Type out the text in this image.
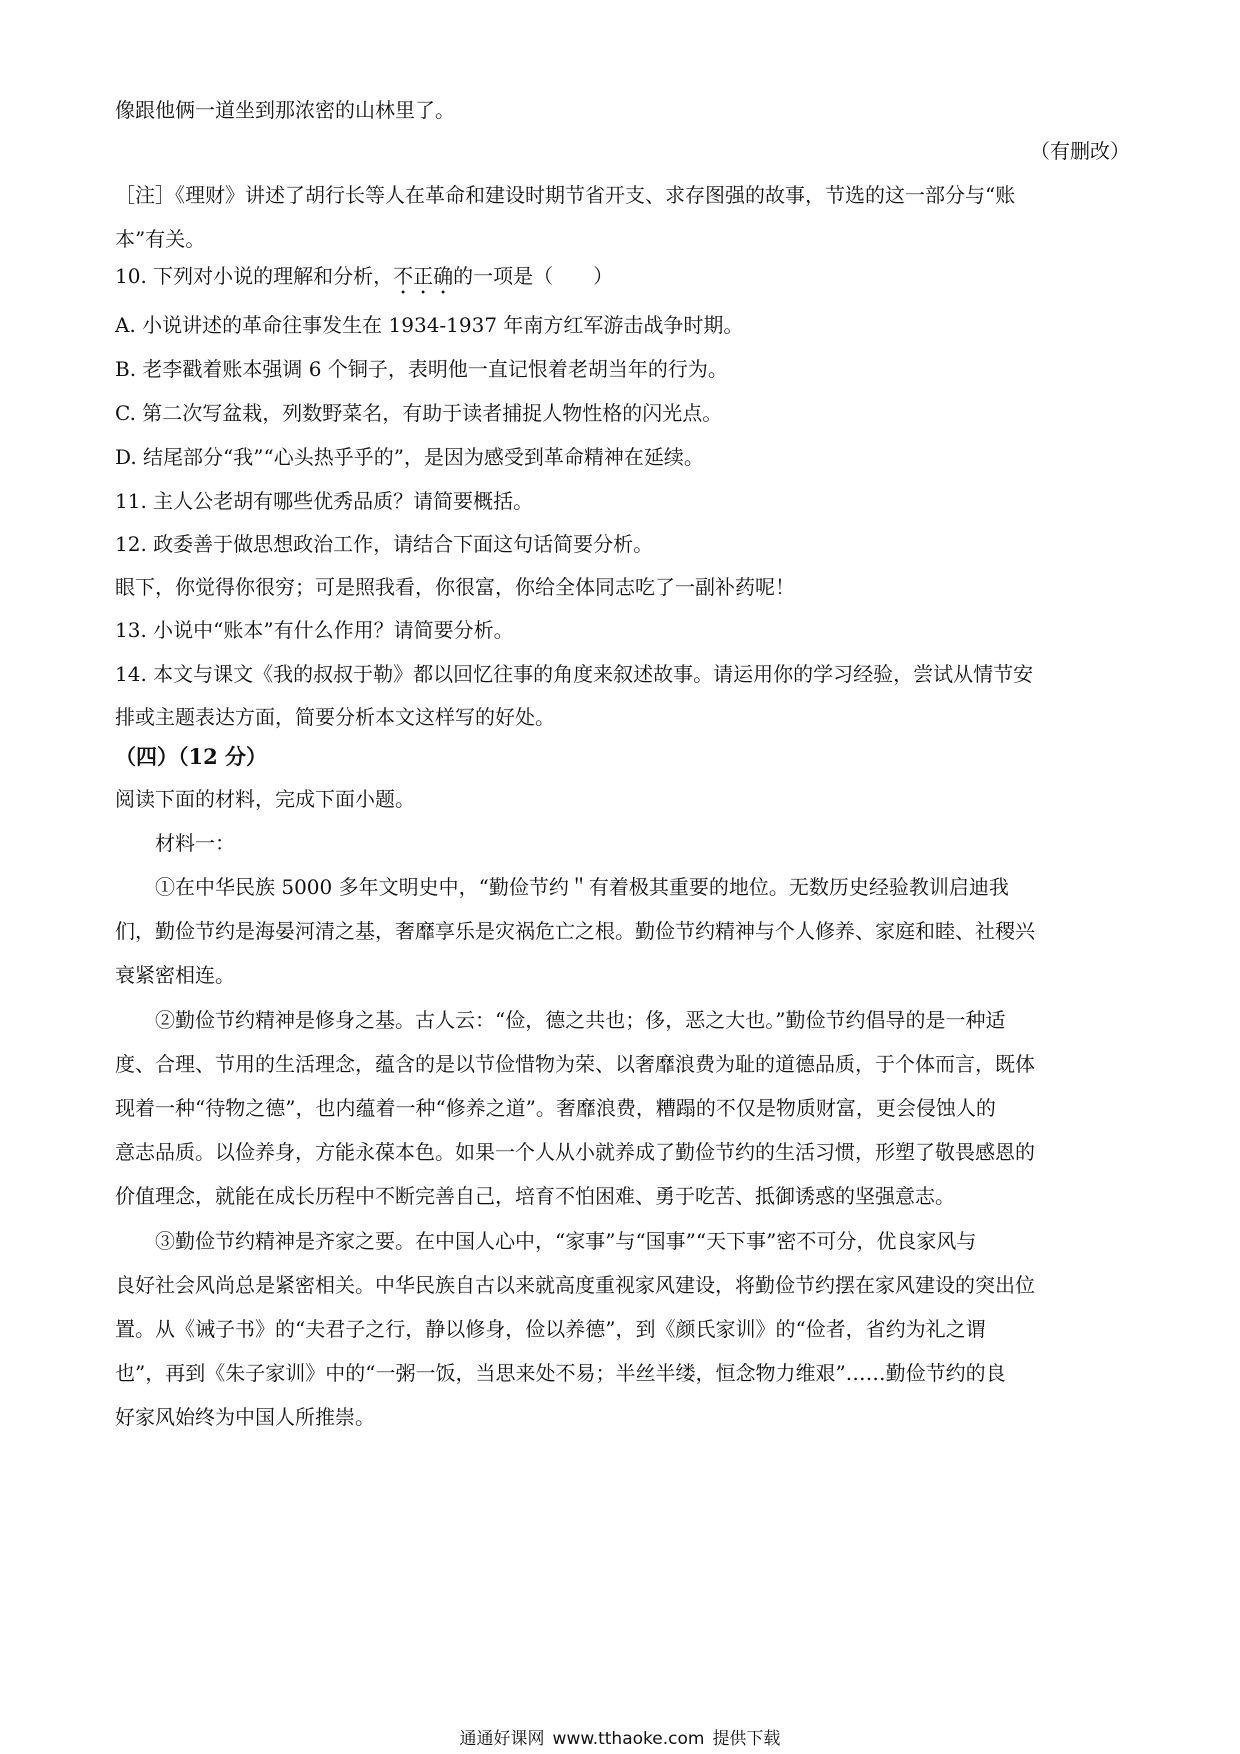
像跟他俩一道坐到那浓密的山林里了。
（有删改）
［注］《理财》讲述了胡行长等人在革命和建设时期节省开支、求存图强的故事，节选的这一部分与“账
本”有关。
10. 下列对小说的理解和分析，不正确的一项是（　　）
A. 小说讲述的革命往事发生在 1934-1937 年南方红军游击战争时期。
B. 老李戳着账本强调 6 个铜子，表明他一直记恨着老胡当年的行为。
C. 第二次写盆栽，列数野菜名，有助于读者捕捉人物性格的闪光点。
D. 结尾部分“我”“心头热乎乎的”，是因为感受到革命精神在延续。
11. 主人公老胡有哪些优秀品质？请简要概括。
12. 政委善于做思想政治工作，请结合下面这句话简要分析。
眼下，你觉得你很穷；可是照我看，你很富，你给全体同志吃了一副补药呢！
13. 小说中“账本”有什么作用？请简要分析。
14. 本文与课文《我的叔叔于勒》都以回忆往事的角度来叙述故事。请运用你的学习经验，尝试从情节安
排或主题表达方面，简要分析本文这样写的好处。
（四）（12 分）
阅读下面的材料，完成下面小题。
材料一：
①在中华民族 5000 多年文明史中，“勤俭节约＂有着极其重要的地位。无数历史经验教训启迪我
们，勤俭节约是海晏河清之基，奢靡享乐是灾祸危亡之根。勤俭节约精神与个人修养、家庭和睦、社稷兴
衰紧密相连。
②勤俭节约精神是修身之基。古人云：“俭，德之共也；侈，恶之大也。”勤俭节约倡导的是一种适
度、合理、节用的生活理念，蕴含的是以节俭惜物为荣、以奢靡浪费为耻的道德品质，于个体而言，既体
现着一种“待物之德”，也内蕴着一种“修养之道”。奢靡浪费，糟蹋的不仅是物质财富，更会侵蚀人的
意志品质。以俭养身，方能永葆本色。如果一个人从小就养成了勤俭节约的生活习惯，形塑了敬畏感恩的
价值理念，就能在成长历程中不断完善自己，培育不怕困难、勇于吃苦、抵御诱惑的坚强意志。
③勤俭节约精神是齐家之要。在中国人心中，“家事”与“国事”“天下事”密不可分，优良家风与
良好社会风尚总是紧密相关。中华民族自古以来就高度重视家风建设，将勤俭节约摆在家风建设的突出位
置。从《诫子书》的“夫君子之行，静以修身，俭以养德”，到《颜氏家训》的“俭者，省约为礼之谓
也”，再到《朱子家训》中的“一粥一饭，当思来处不易；半丝半缕，恒念物力维艰”……勤俭节约的良
好家风始终为中国人所推崇。
通通好课网 www.tthaoke.com 提供下载
